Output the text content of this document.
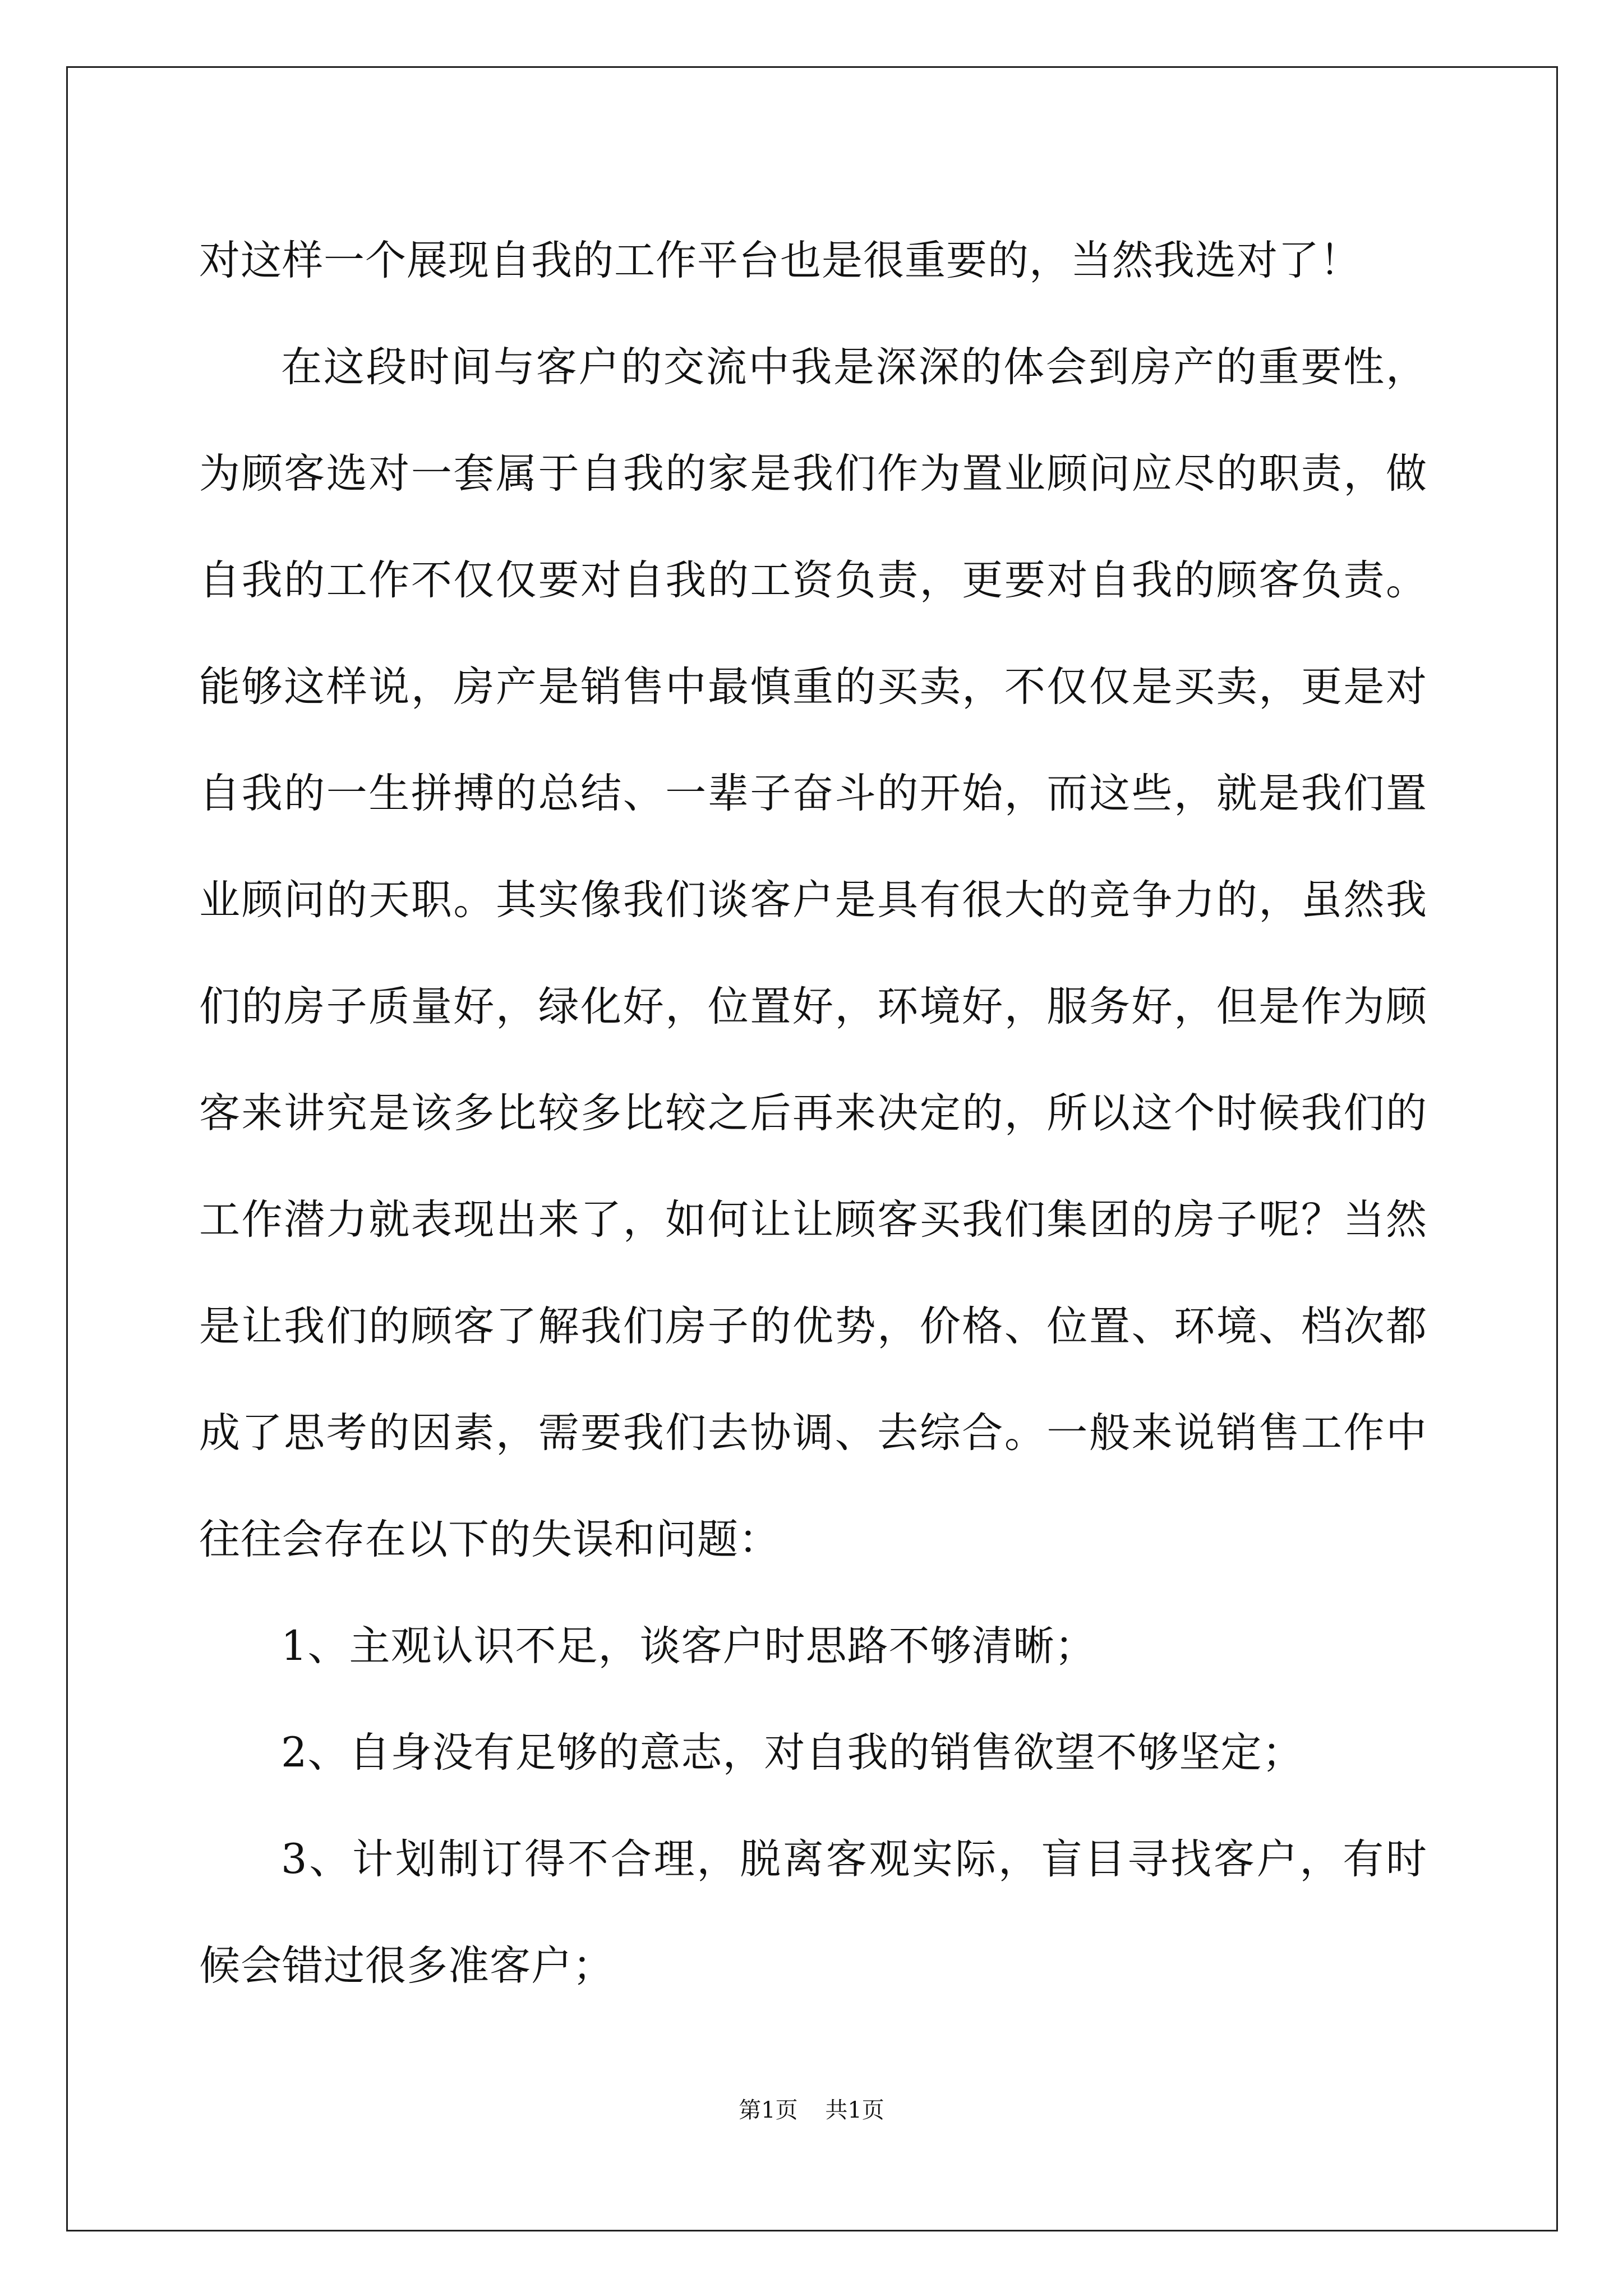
对这样一个展现自我的工作平台也是很重要的，当然我选对了！

在这段时间与客户的交流中我是深深的体会到房产的重要性，为顾客选对一套属于自我的家是我们作为置业顾问应尽的职责，做自我的工作不仅仅要对自我的工资负责，更要对自我的顾客负责。能够这样说，房产是销售中最慎重的买卖，不仅仅是买卖，更是对自我的一生拼搏的总结、一辈子奋斗的开始，而这些，就是我们置业顾问的天职。其实像我们谈客户是具有很大的竞争力的，虽然我们的房子质量好，绿化好，位置好，环境好，服务好，但是作为顾客来讲究是该多比较多比较之后再来决定的，所以这个时候我们的工作潜力就表现出来了，如何让让顾客买我们集团的房子呢？当然是让我们的顾客了解我们房子的优势，价格、位置、环境、档次都成了思考的因素，需要我们去协调、去综合。一般来说销售工作中往往会存在以下的失误和问题：

1、主观认识不足，谈客户时思路不够清晰；

2、自身没有足够的意志，对自我的销售欲望不够坚定；

3、计划制订得不合理，脱离客观实际，盲目寻找客户，有时候会错过很多准客户；

第1页 共1页
